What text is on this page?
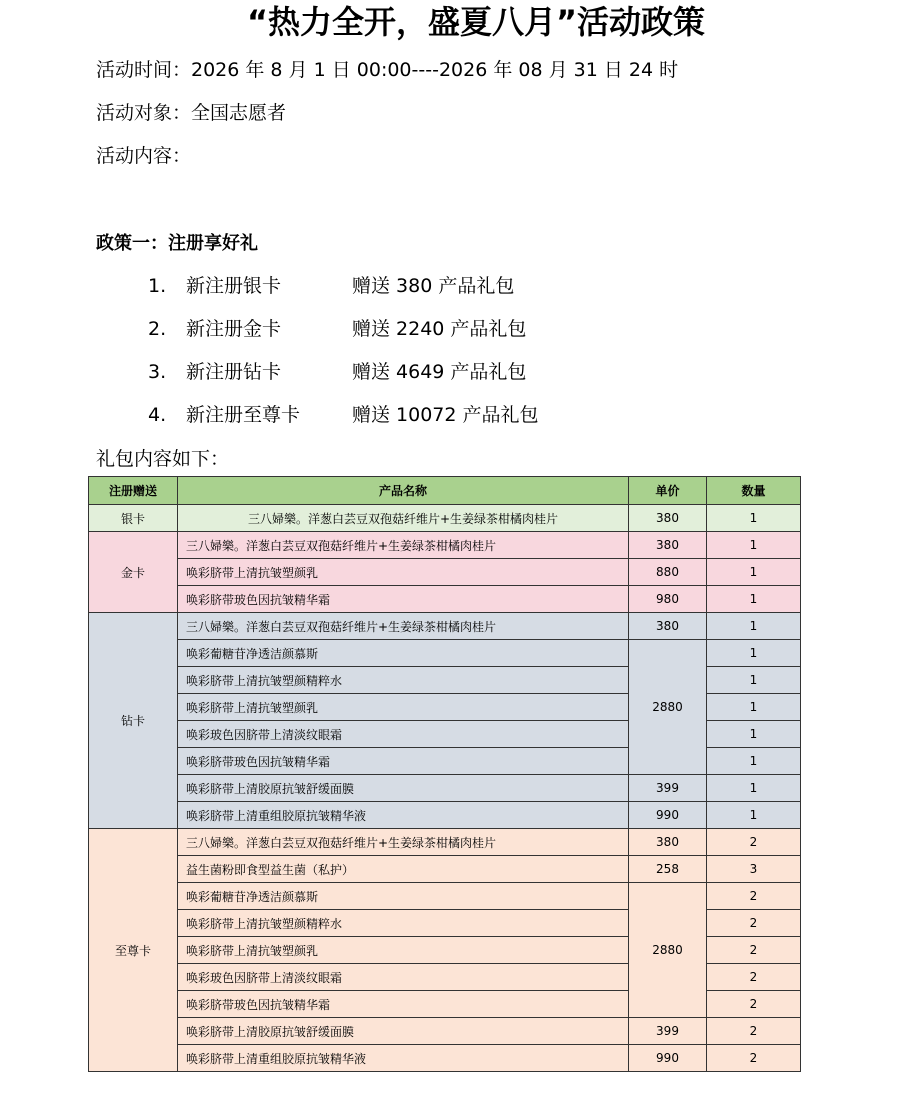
“热力全开，盛夏八月”活动政策
活动时间：2026 年 8 月 1 日 00:00----2026 年 08 月 31 日 24 时
活动对象：全国志愿者
活动内容：
政策一：注册享好礼
1. 新注册银卡	赠送 380 产品礼包
2. 新注册金卡	赠送 2240 产品礼包
3. 新注册钻卡	赠送 4649 产品礼包
4. 新注册至尊卡	赠送 10072 产品礼包
礼包内容如下：
注册赠送	产品名称	单价	数量
银卡	三八婦樂。洋葱白芸豆双孢菇纤维片+生姜绿茶柑橘肉桂片	380	1
金卡	三八婦樂。洋葱白芸豆双孢菇纤维片+生姜绿茶柑橘肉桂片	380	1
	唤彩脐带上清抗皱塑颜乳	880	1
	唤彩脐带玻色因抗皱精华霜	980	1
钻卡	三八婦樂。洋葱白芸豆双孢菇纤维片+生姜绿茶柑橘肉桂片	380	1
	唤彩葡糖苷净透洁颜慕斯	2880	1
	唤彩脐带上清抗皱塑颜精粹水		1
	唤彩脐带上清抗皱塑颜乳		1
	唤彩玻色因脐带上清淡纹眼霜		1
	唤彩脐带玻色因抗皱精华霜		1
	唤彩脐带上清胶原抗皱舒缓面膜	399	1
	唤彩脐带上清重组胶原抗皱精华液	990	1
至尊卡	三八婦樂。洋葱白芸豆双孢菇纤维片+生姜绿茶柑橘肉桂片	380	2
	益生菌粉即食型益生菌（私护）	258	3
	唤彩葡糖苷净透洁颜慕斯	2880	2
	唤彩脐带上清抗皱塑颜精粹水		2
	唤彩脐带上清抗皱塑颜乳		2
	唤彩玻色因脐带上清淡纹眼霜		2
	唤彩脐带玻色因抗皱精华霜		2
	唤彩脐带上清胶原抗皱舒缓面膜	399	2
	唤彩脐带上清重组胶原抗皱精华液	990	2
